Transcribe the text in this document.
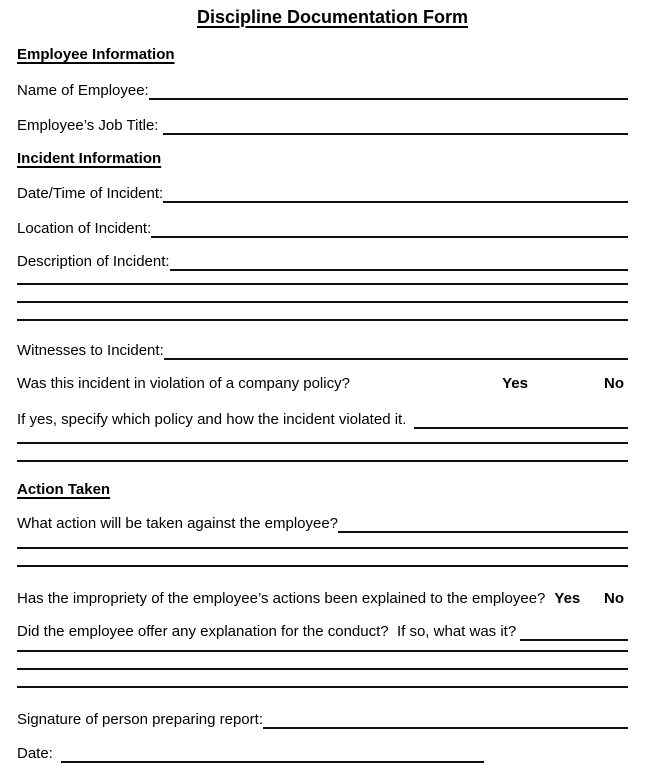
Discipline Documentation Form
Employee Information
Name of Employee:
Employee’s Job Title:
Incident Information
Date/Time of Incident:
Location of Incident:
Description of Incident:
Witnesses to Incident:
Was this incident in violation of a company policy?	Yes	No
If yes, specify which policy and how the incident violated it.
Action Taken
What action will be taken against the employee?
Has the impropriety of the employee’s actions been explained to the employee? Yes No
Did the employee offer any explanation for the conduct?  If so, what was it?
Signature of person preparing report:
Date:
